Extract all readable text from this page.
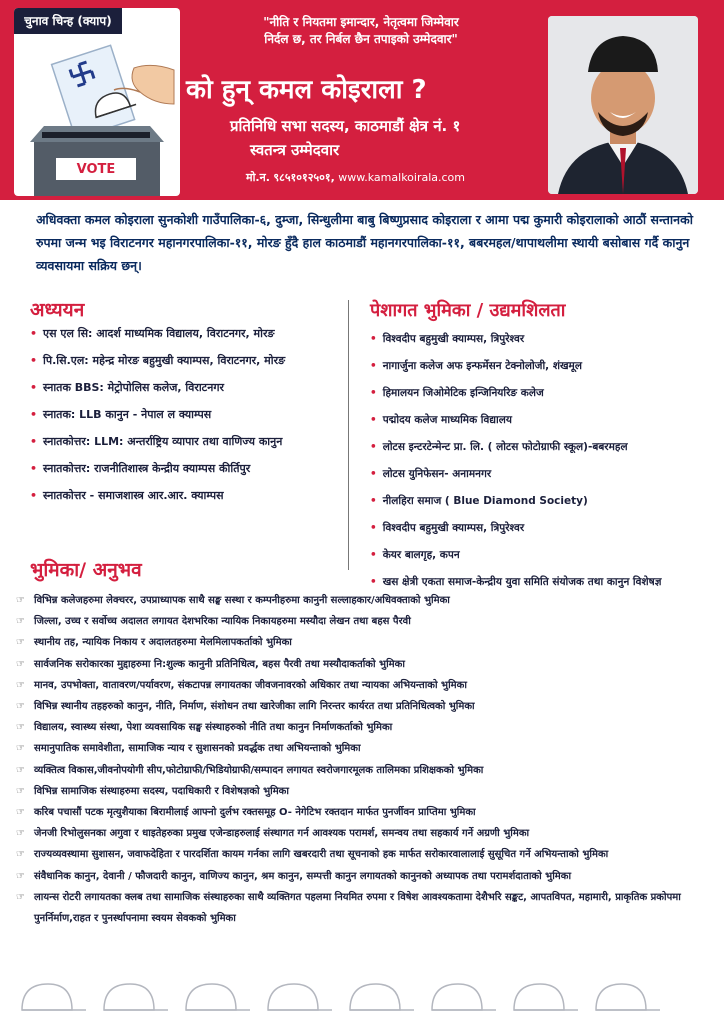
चुनाव चिन्ह (क्याप)
VOTE
"नीति र नियतमा इमान्दार, नेतृत्वमा जिम्मेवार
निर्दल छ, तर निर्बल छैन तपाइको उम्मेदवार"
को हुन् कमल कोइराला ?
प्रतिनिधि सभा सदस्य, काठमाडौं क्षेत्र नं. १
स्वतन्त्र उम्मेदवार
मो.न. ९८५१०१२५०१, www.kamalkoirala.com
अधिवक्ता कमल कोइराला सुनकोशी गाउँपालिका-६, दुम्जा, सिन्धुलीमा बाबु बिष्णुप्रसाद कोइराला र आमा पद्म कुमारी कोइरालाको आठौं सन्तानको रुपमा जन्म भइ विराटनगर महानगरपालिका-११, मोरङ हुँदै हाल काठमाडौं महानगरपालिका-११, बबरमहल/थापाथलीमा स्थायी बसोबास गर्दै कानुन व्यवसायमा सक्रिय छन्।
अध्ययन
• एस एल सि: आदर्श माध्यमिक विद्यालय, विराटनगर, मोरङ
• पि.सि.एल: महेन्द्र मोरङ बहुमुखी क्याम्पस, विराटनगर, मोरङ
• स्नातक BBS: मेट्रोपोलिस कलेज, विराटनगर
• स्नातक: LLB कानुन - नेपाल ल क्याम्पस
• स्नातकोत्तर: LLM: अन्तर्राष्ट्रिय व्यापार तथा वाणिज्य कानुन
• स्नातकोत्तर: राजनीतिशास्त्र केन्द्रीय क्याम्पस कीर्तिपुर
• स्नातकोत्तर - समाजशास्त्र आर.आर. क्याम्पस
पेशागत भुमिका / उद्यमशिलता
• विश्वदीप बहुमुखी क्याम्पस, त्रिपुरेश्वर
• नागार्जुना कलेज अफ इन्फर्मेसन टेक्नोलोजी, शंखमूल
• हिमालयन जिओमेटिक इन्जिनियरिङ कलेज
• पद्मोदय कलेज माध्यमिक विद्यालय
• लोटस इन्टरटेन्मेन्ट प्रा. लि. ( लोटस फोटोग्राफी स्कूल)-बबरमहल
• लोटस युनिफेसन- अनामनगर
• नीलहिरा समाज ( Blue Diamond Society)
• विश्वदीप बहुमुखी क्याम्पस, त्रिपुरेश्वर
• केयर बालगृह, कपन
• खस क्षेत्री एकता समाज-केन्द्रीय युवा समिति संयोजक तथा कानुन विशेषज्ञ
भुमिका/ अनुभव
☞ विभिन्न कलेजहरुमा लेक्चरर, उपप्राध्यापक साथै सङ्घ सस्था र कम्पनीहरुमा कानुनी सल्लाहकार/अधिवक्ताको भुमिका
☞ जिल्ला, उच्च र सर्वोच्च अदालत लगायत देशभरिका न्यायिक निकायहरुमा मस्यौदा लेखन तथा बहस पैरवी
☞ स्थानीय तह, न्यायिक निकाय र अदालतहरुमा मेलमिलापकर्ताको भुमिका
☞ सार्वजनिक सरोकारका मुद्दाहरुमा नि:शुल्क कानुनी प्रतिनिधित्व, बहस पैरवी तथा मस्यौदाकर्ताको भुमिका
☞ मानव, उपभोक्ता, वातावरण/पर्यावरण, संकटापन्न लगायतका जीवजनावरको अधिकार तथा न्यायका अभियन्ताको भुमिका
☞ विभिन्न स्थानीय तहहरुको कानुन, नीति, निर्माण, संशोधन तथा खारेजीका लागि निरन्तर कार्यरत तथा प्रतिनिधित्वको भुमिका
☞ विद्यालय, स्वास्थ्य संस्था, पेशा व्यवसायिक सङ्घ संस्थाहरुको नीति तथा कानुन निर्माणकर्ताको भुमिका
☞ समानुपातिक समावेशीता, सामाजिक न्याय र सुशासनको प्रवर्द्धक तथा अभियन्ताको भुमिका
☞ व्यक्तित्व विकास,जीवनोपयोगी सीप,फोटोग्राफी/भिडियोग्राफी/सम्पादन लगायत स्वरोजगारमूलक तालिमका प्रशिक्षकको भुमिका
☞ विभिन्न सामाजिक संस्थाहरुमा सदस्य, पदाधिकारी र विशेषज्ञको भुमिका
☞ करिब पचासौं पटक मृत्युशैयाका बिरामीलाई आफ्नो दुर्लभ रक्तसमूह O- नेगेटिभ रक्तदान मार्फत पुनर्जीवन प्राप्तिमा भुमिका
☞ जेनजी रिभोलुसनका अगुवा र धाइतेहरुका प्रमुख एजेन्डाहरुलाई संस्थागत गर्न आवश्यक परामर्श, समन्वय तथा सहकार्य गर्ने अग्रणी भुमिका
☞ राज्यव्यवस्थामा सुशासन, जवाफदेहिता र पारदर्शिता कायम गर्नका लागि खबरदारी तथा सूचनाको हक मार्फत सरोकारवालालाई सुसूचित गर्ने अभियन्ताको भुमिका
☞ संवैधानिक कानुन, देवानी / फौजदारी कानुन, वाणिज्य कानुन, श्रम कानुन, सम्पत्ती कानुन लगायतको कानुनको अध्यापक तथा परामर्शदाताको भुमिका
☞ लायन्स रोटरी लगायतका क्लब तथा सामाजिक संस्थाहरुका साथै व्यक्तिगत पहलमा नियमित रुपमा र विषेश आवश्यकतामा देशैभरि सङ्कट, आपतविपत, महामारी, प्राकृतिक प्रकोपमा पुनर्निर्माण,राहत र पुनर्स्थापनामा स्वयम सेवकको भुमिका
